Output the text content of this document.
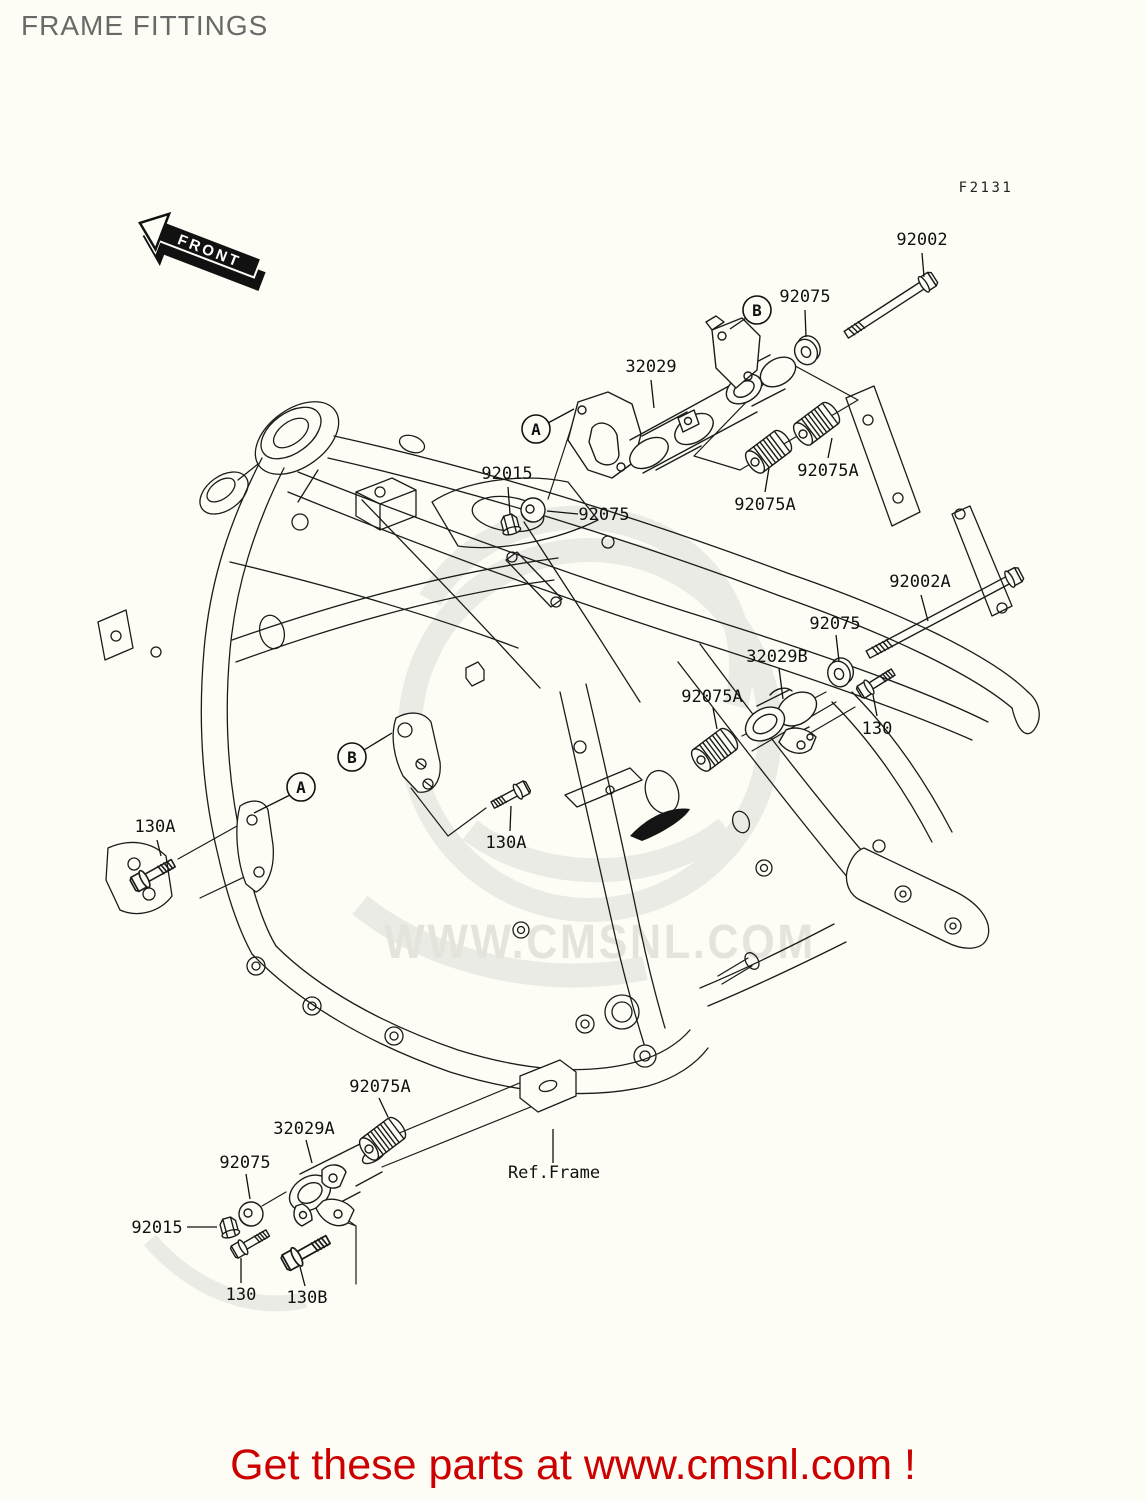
FRAME FITTINGS
WWW.CMSNL.COM
F2131
FRONT
A
B
A
B
92002
92075
32029
92015
92075
92075A
92075A
92002A
92075
32029B
92075A
130
130A
130A
92075A
32029A
92075
92015
130 130B
Ref.Frame
Get these parts at www.cmsnl.com !
